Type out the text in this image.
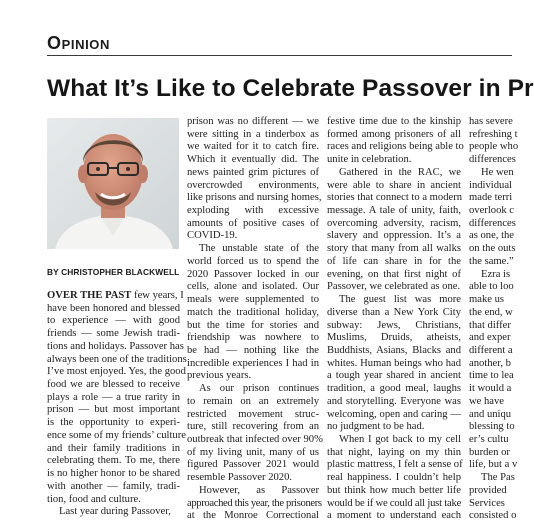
Opinion
What It’s Like to Celebrate Passover in Pr
BY CHRISTOPHER BLACKWELL
OVER THE PAST few years, I
have been honored and blessed
to experience — with good
friends — some Jewish tradi-
tions and holidays. Passover has
always been one of the traditions
I’ve most enjoyed. Yes, the good
food we are blessed to receive
plays a role — a true rarity in
prison — but most important
is the opportunity to experi-
ence some of my friends’ culture
and their family traditions in
celebrating them. To me, there
is no higher honor to be shared
with another — family, tradi-
tion, food and culture.
Last year during Passover,
prison was no different — we
were sitting in a tinderbox as
we waited for it to catch fire.
Which it eventually did. The
news painted grim pictures of
overcrowded environments,
like prisons and nursing homes,
exploding with excessive
amounts of positive cases of
COVID-19.
The unstable state of the
world forced us to spend the
2020 Passover locked in our
cells, alone and isolated. Our
meals were supplemented to
match the traditional holiday,
but the time for stories and
friendship was nowhere to
be had — nothing like the
incredible experiences I had in
previous years.
As our prison continues
to remain on an extremely
restricted movement struc-
ture, still recovering from an
outbreak that infected over 90%
of my living unit, many of us
figured Passover 2021 would
resemble Passover 2020.
However, as Passover
approached this year, the prisoners
at the Monroe Correctional
festive time due to the kinship
formed among prisoners of all
races and religions being able to
unite in celebration.
Gathered in the RAC, we
were able to share in ancient
stories that connect to a modern
message. A tale of unity, faith,
overcoming adversity, racism,
slavery and oppression. It’s a
story that many from all walks
of life can share in for the
evening, on that first night of
Passover, we celebrated as one.
The guest list was more
diverse than a New York City
subway: Jews, Christians,
Muslims, Druids, atheists,
Buddhists, Asians, Blacks and
whites. Human beings who had
a tough year shared in ancient
tradition, a good meal, laughs
and storytelling. Everyone was
welcoming, open and caring —
no judgment to be had.
When I got back to my cell
that night, laying on my thin
plastic mattress, I felt a sense of
real happiness. I couldn’t help
but think how much better life
would be if we could all just take
a moment to understand each
has severe
refreshing t
people who
differences
He wen
individual
made terri
overlook c
differences
as one, the
on the outs
the same.”
Ezra is
able to loo
make us
the end, w
that differ
and exper
different a
another, b
time to lea
it would a
we have
and uniqu
blessing to
er’s cultu
burden or
life, but a v
The Pas
provided
Services
consisted o
